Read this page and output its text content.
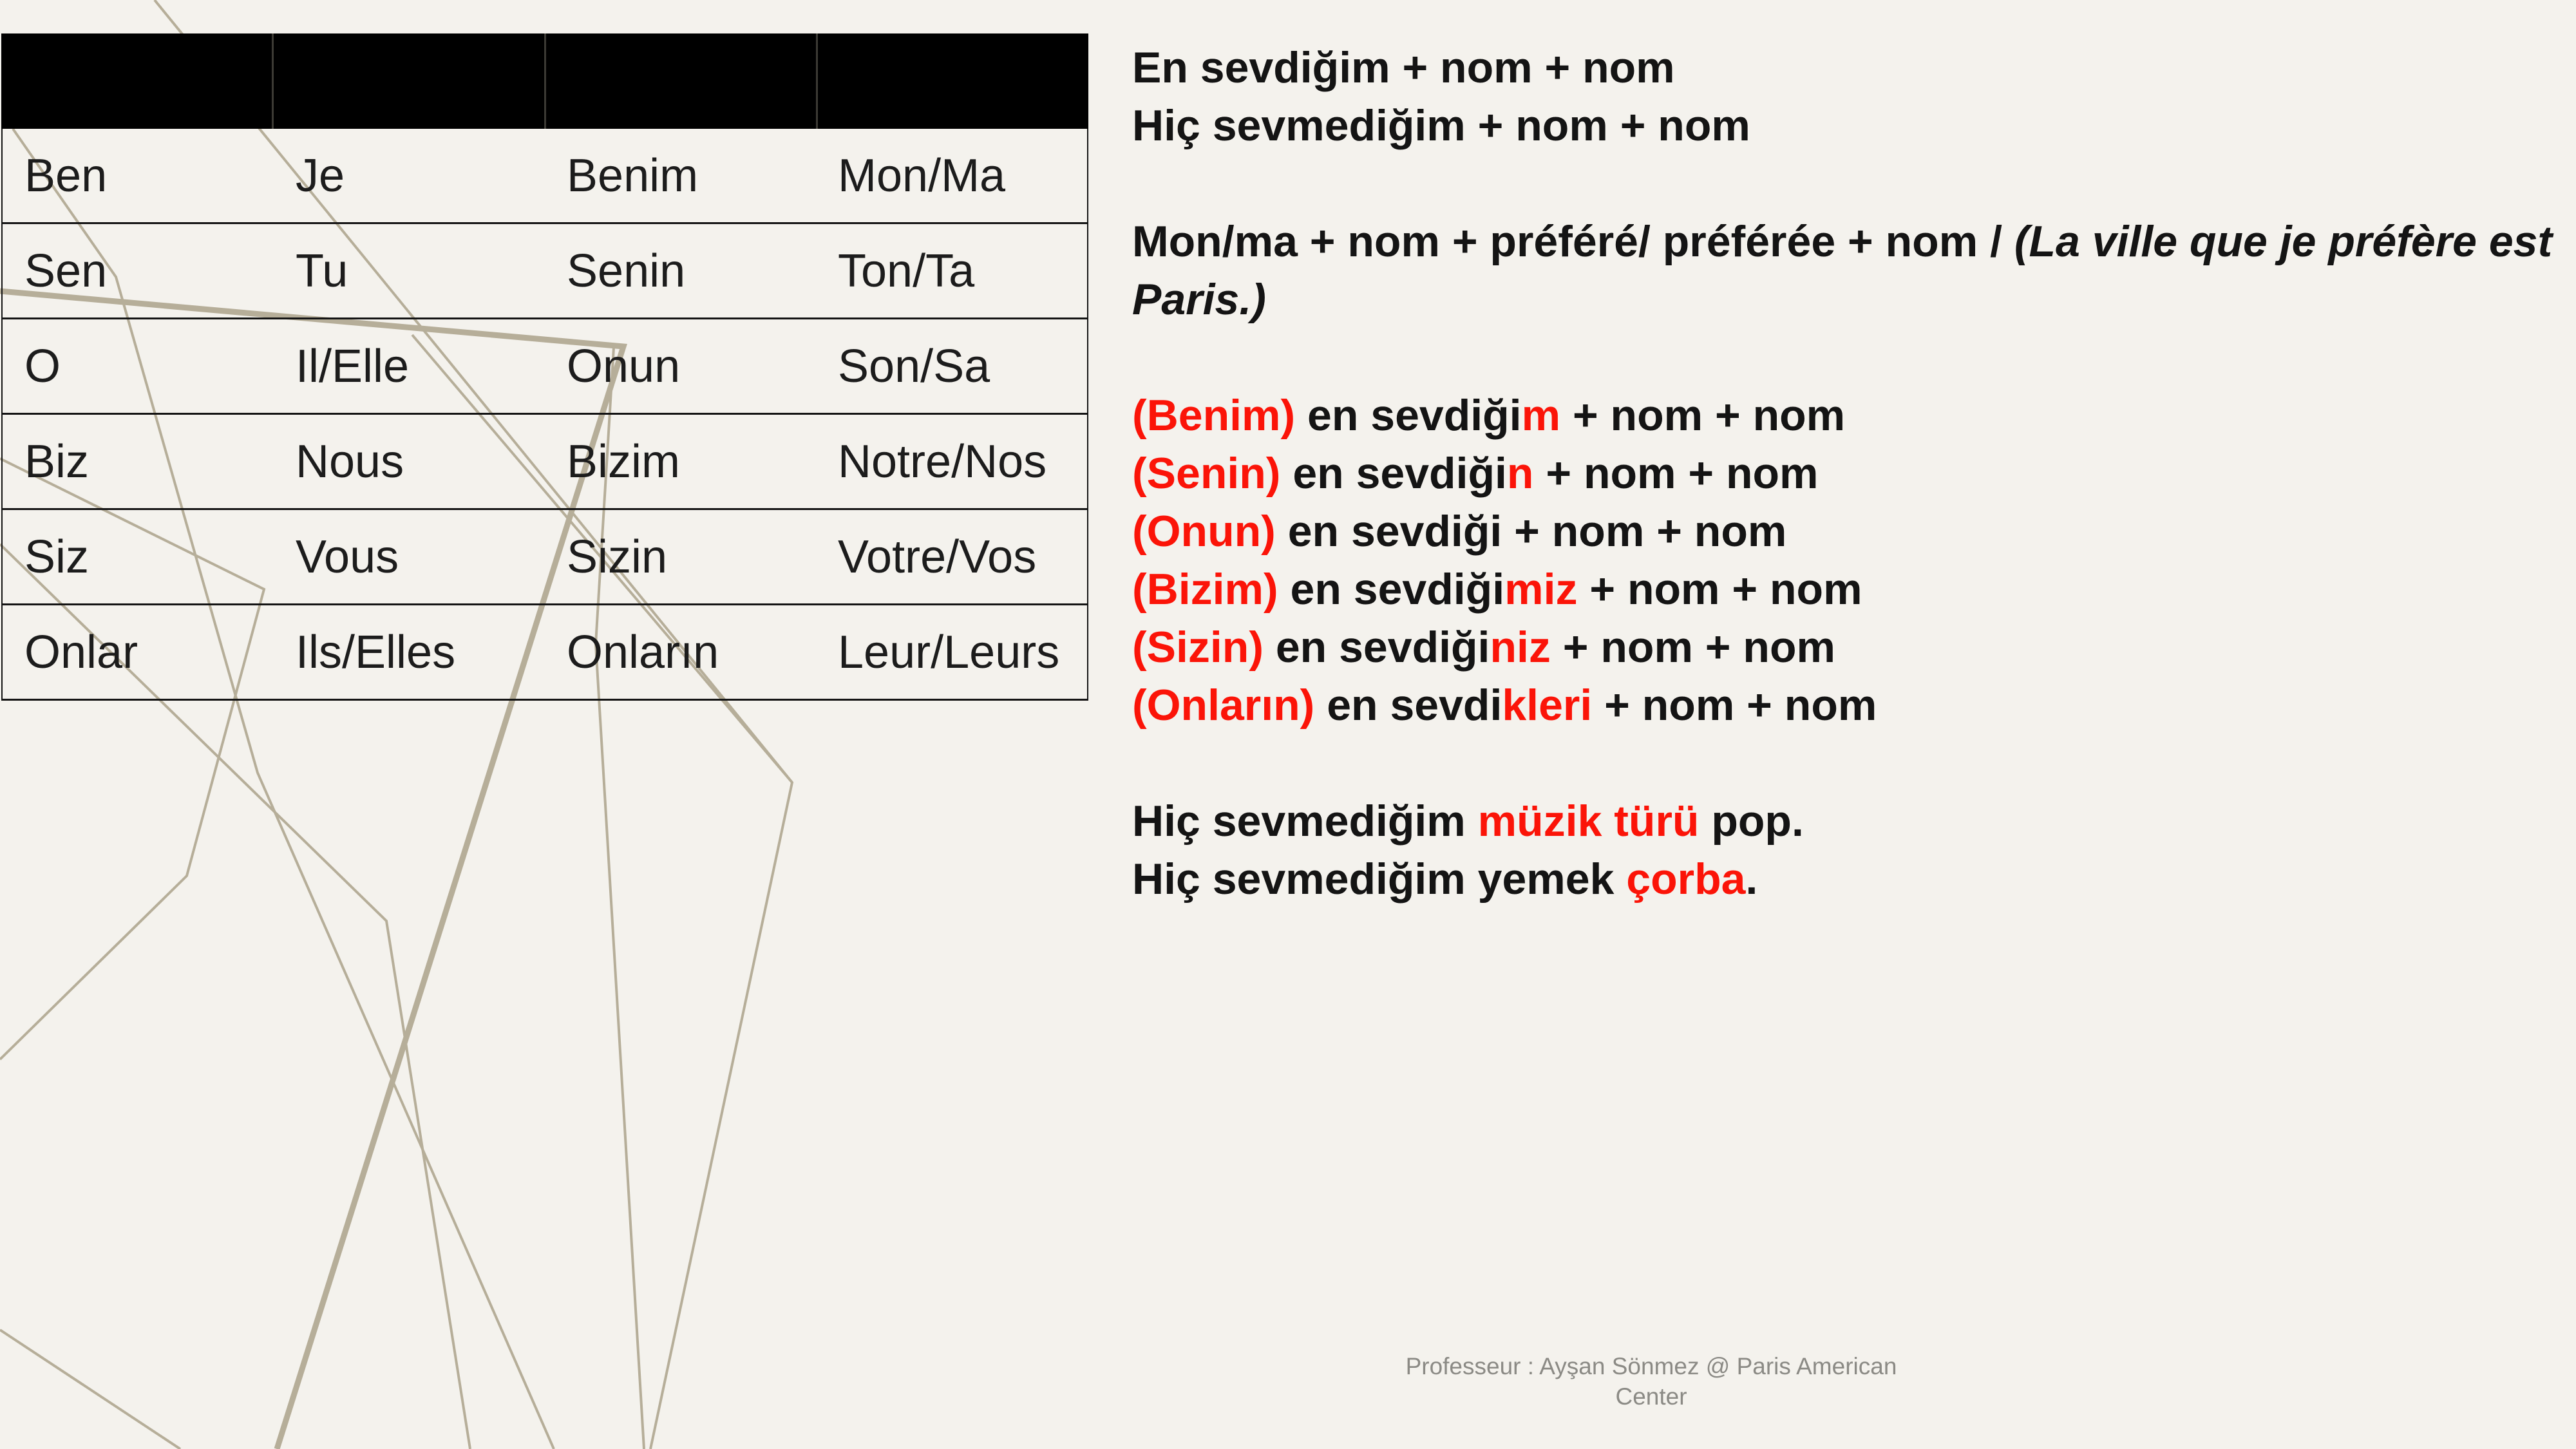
Ben	Je	Benim	Mon/Ma
Sen	Tu	Senin	Ton/Ta
O	Il/Elle	Onun	Son/Sa
Biz	Nous	Bizim	Notre/Nos
Siz	Vous	Sizin	Votre/Vos
Onlar	Ils/Elles	Onların	Leur/Leurs
En sevdiğim + nom + nom
Hiç sevmediğim + nom + nom
Mon/ma + nom + préféré/ préférée + nom / (La ville que je préfère est Paris.)
(Benim) en sevdiğim + nom + nom
(Senin) en sevdiğin + nom + nom
(Onun) en sevdiği + nom + nom
(Bizim) en sevdiğimiz + nom + nom
(Sizin) en sevdiğiniz + nom + nom
(Onların) en sevdikleri + nom + nom
Hiç sevmediğim müzik türü pop.
Hiç sevmediğim yemek çorba.
Professeur : Ayşan Sönmez @ Paris American Center
